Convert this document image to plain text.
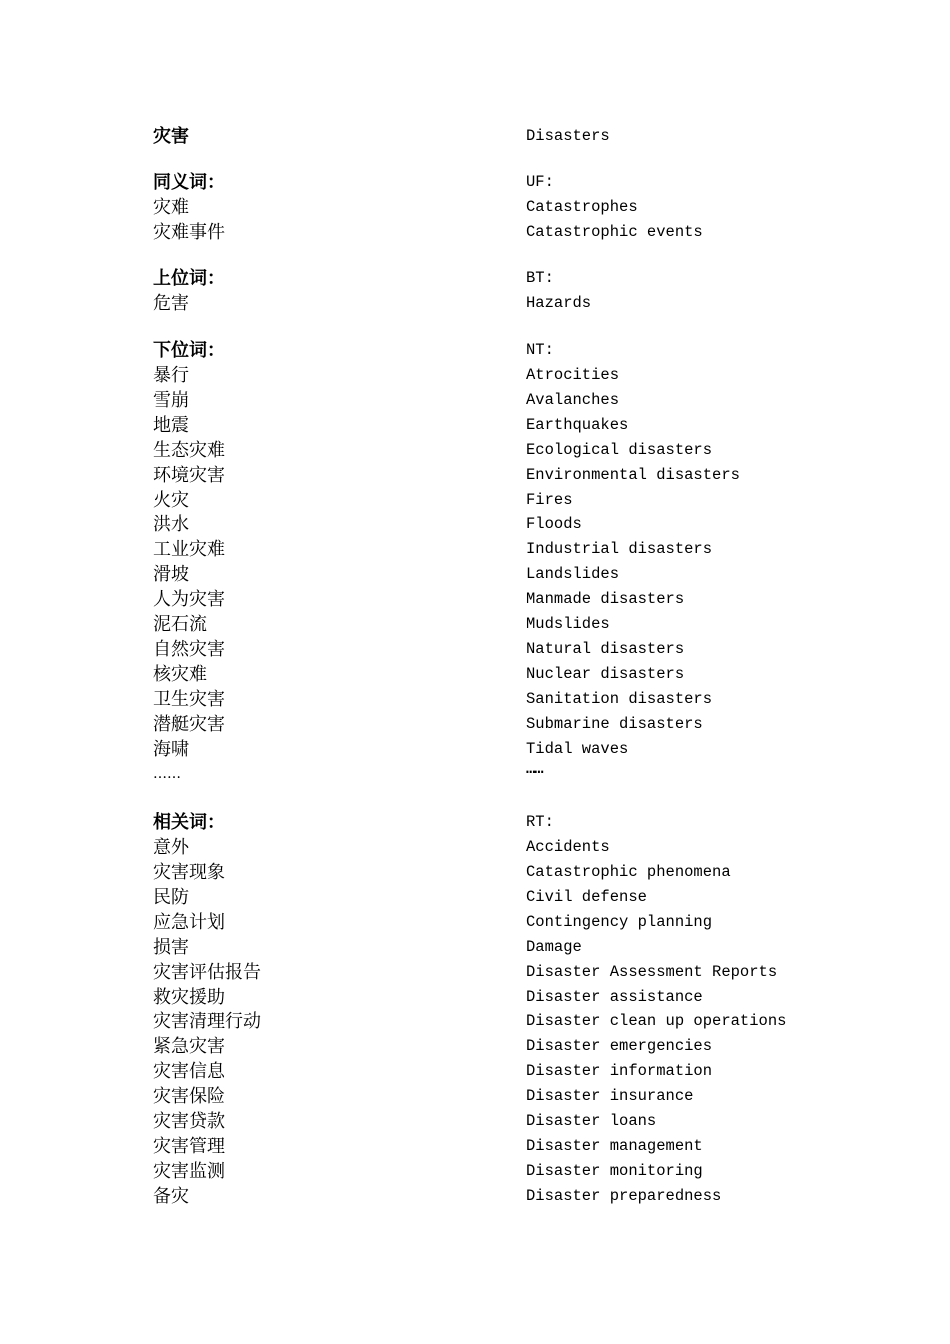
灾害	Disasters
同义词：	UF:
灾难	Catastrophes
灾难事件	Catastrophic events
上位词：	BT:
危害	Hazards
下位词：	NT:
暴行	Atrocities
雪崩	Avalanches
地震	Earthquakes
生态灾难	Ecological disasters
环境灾害	Environmental disasters
火灾	Fires
洪水	Floods
工业灾难	Industrial disasters
滑坡	Landslides
人为灾害	Manmade disasters
泥石流	Mudslides
自然灾害	Natural disasters
核灾难	Nuclear disasters
卫生灾害	Sanitation disasters
潜艇灾害	Submarine disasters
海啸	Tidal waves
……	……
相关词：	RT:
意外	Accidents
灾害现象	Catastrophic phenomena
民防	Civil defense
应急计划	Contingency planning
损害	Damage
灾害评估报告	Disaster Assessment Reports
救灾援助	Disaster assistance
灾害清理行动	Disaster clean up operations
紧急灾害	Disaster emergencies
灾害信息	Disaster information
灾害保险	Disaster insurance
灾害贷款	Disaster loans
灾害管理	Disaster management
灾害监测	Disaster monitoring
备灾	Disaster preparedness
